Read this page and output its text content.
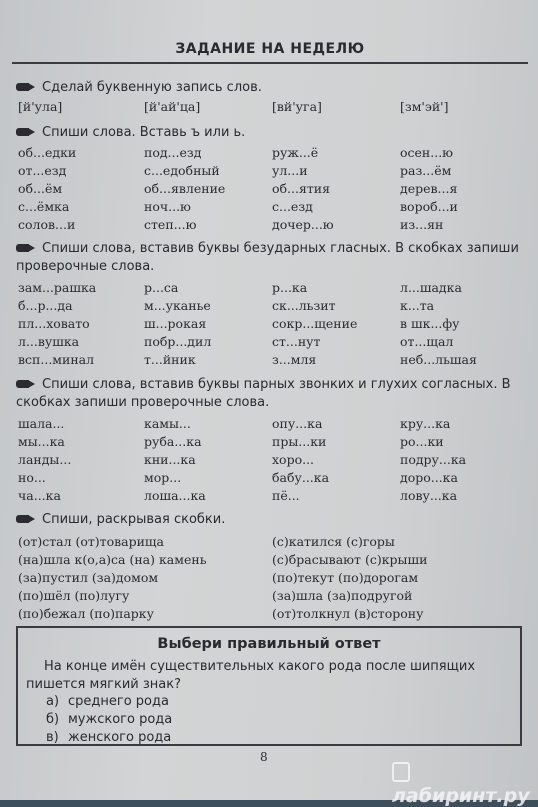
ЗАДАНИЕ НА НЕДЕЛЮ
Сделай буквенную запись слов.
[й'ула]	[й'ай'ца]	[вй'уга]	[зм'эй']
Спиши слова. Вставь ъ или ь.
об...едки	под...езд	руж...ё	осен...ю
от...езд	с...едобный	ул...и	раз...ём
об...ём	об...явление	об...ятия	дерев...я
с...ёмка	ноч...ю	с...езд	вороб...и
солов...и	степ...ю	дочер...ю	из...ян
Спиши слова, вставив буквы безударных гласных. В скобках запиши проверочные слова.
зам...рашка	р...са	р...ка	л...шадка
б...р...да	м...уканье	ск...льзит	к...та
пл...ховато	ш...рокая	сокр...щение	в шк...фу
л...вушка	побр...дил	ст...нут	от...щал
всп...минал	т...йник	з...мля	неб...льшая
Спиши слова, вставив буквы парных звонких и глухих согласных. В скобках запиши проверочные слова.
шала...	камы...	опу...ка	кру...ка
мы...ка	руба...ка	пры...ки	ро...ки
ланды...	кни...ка	хоро...	подру...ка
но...	мор...	бабу...ка	доро...ка
ча...ка	лоша...ка	пё...	лову...ка
Спиши, раскрывая скобки.
(от)стал (от)товарища	(с)катился (с)горы
(на)шла к(о,а)са (на) камень	(с)брасывают (с)крыши
(за)пустил (за)домом	(по)текут (по)дорогам
(по)шёл (по)лугу	(за)шла (за)подругой
(по)бежал (по)парку	(от)толкнул (в)сторону
Выбери правильный ответ
На конце имён существительных какого рода после шипящих пишется мягкий знак?
а) среднего рода
б) мужского рода
в) женского рода
8
лабиринт.ру
